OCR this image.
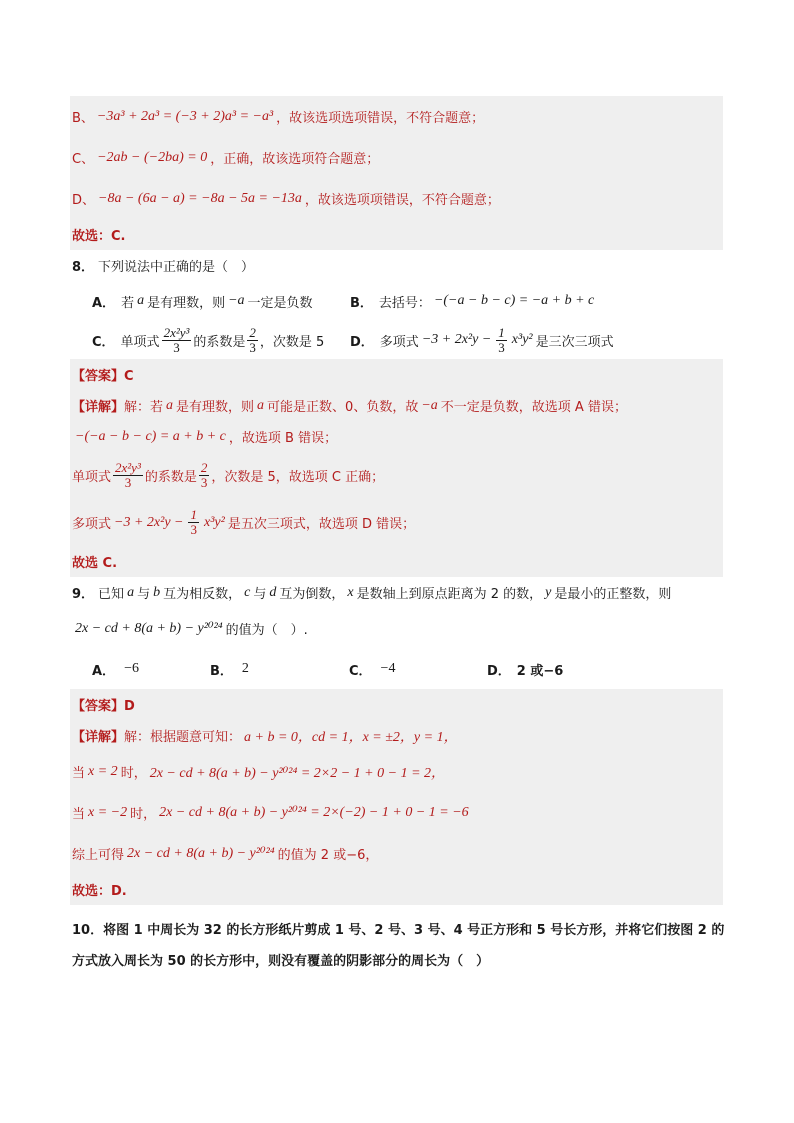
B、 −3a³ + 2a³ = (−3 + 2)a³ = −a³ ，故该选项选项错误，不符合题意；
C、 −2ab − (−2ba) = 0 ，正确，故该选项符合题意；
D、 −8a − (6a − a) = −8a − 5a = −13a ，故该选项项错误，不符合题意；
故选：C.
8． 下列说法中正确的是（　）
A． 若 a 是有理数，则 −a 一定是负数	B． 去括号： −(−a − b − c) = −a + b + c
C． 单项式 $\frac{\text{2x²y³}}{3}$ 的系数是 $\frac{2}{3}$ ，次数是 5 D． 多项式 $-3 + 2x^2y - \frac{1}{3} x^3y^2$ 是三次三项式
【答案】C
【详解】 解：若 a 是有理数，则 a 可能是正数、0、负数，故 −a 不一定是负数，故选项 A 错误；
−(−a − b − c) = a + b + c ，故选项 B 错误；
单项式 $\frac{\text{2x²y³}}{3}$ 的系数是 $\frac{2}{3}$ ，次数是 5，故选项 C 正确；
多项式 $-3 + 2x^2y - \frac{1}{3} x^3y^2$ 是五次三项式，故选项 D 错误；
故选 C.
9． 已知 a 与 b 互为相反数， c 与 d 互为倒数， x 是数轴上到原点距离为 2 的数， y 是最小的正整数，则
2x − cd + 8(a + b) − y²⁰²⁴ 的值为（　）.
A． −6	B． 2	C． −4	D． 2 或−6
【答案】D
【详解】 解：根据题意可知： a + b = 0，cd = 1，x = ±2，y = 1，
当 x = 2 时， 2x − cd + 8(a + b) − y²⁰²⁴ = 2×2 − 1 + 0 − 1 = 2，
当 x = −2 时， 2x − cd + 8(a + b) − y²⁰²⁴ = 2×(−2) − 1 + 0 − 1 = −6
综上可得 2x − cd + 8(a + b) − y²⁰²⁴ 的值为 2 或−6，
故选：D.
10．将图 1 中周长为 32 的长方形纸片剪成 1 号、2 号、3 号、4 号正方形和 5 号长方形，并将它们按图 2 的
方式放入周长为 50 的长方形中，则没有覆盖的阴影部分的周长为（　）
